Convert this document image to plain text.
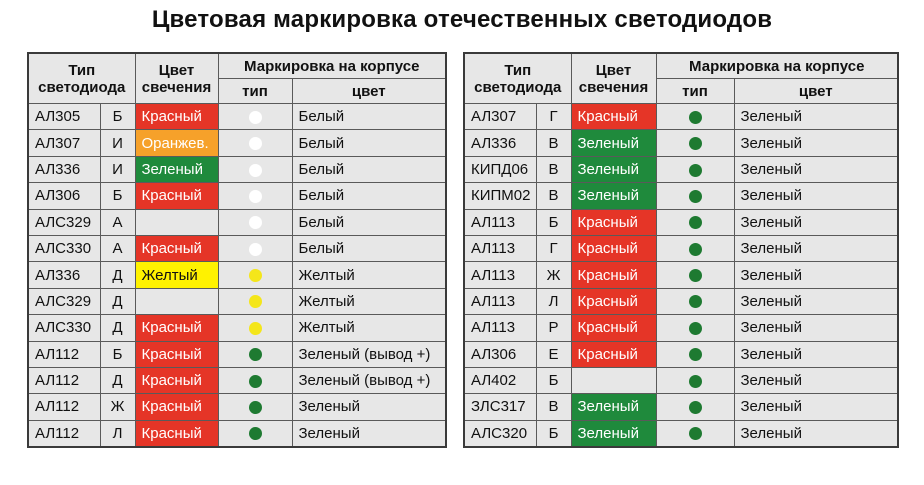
Цветовая маркировка отечественных светодиодов
Тип светодиода		Цвет свечения	Маркировка на корпусе	
			тип	цвет
АЛ305	Б	Красный		Белый
АЛ307	И	Оранжев.		Белый
АЛ336	И	Зеленый		Белый
АЛ306	Б	Красный		Белый
АЛС329	А			Белый
АЛС330	А	Красный		Белый
АЛ336	Д	Желтый		Желтый
АЛС329	Д			Желтый
АЛС330	Д	Красный		Желтый
АЛ112	Б	Красный		Зеленый (вывод +)
АЛ112	Д	Красный		Зеленый (вывод +)
АЛ112	Ж	Красный		Зеленый
АЛ112	Л	Красный		Зеленый
Тип светодиода		Цвет свечения	Маркировка на корпусе	
			тип	цвет
АЛ307	Г	Красный		Зеленый
АЛ336	В	Зеленый		Зеленый
КИПД06	В	Зеленый		Зеленый
КИПМ02	В	Зеленый		Зеленый
АЛ113	Б	Красный		Зеленый
АЛ113	Г	Красный		Зеленый
АЛ113	Ж	Красный		Зеленый
АЛ113	Л	Красный		Зеленый
АЛ113	Р	Красный		Зеленый
АЛ306	Е	Красный		Зеленый
АЛ402	Б			Зеленый
ЗЛС317	В	Зеленый		Зеленый
АЛС320	Б	Зеленый		Зеленый
